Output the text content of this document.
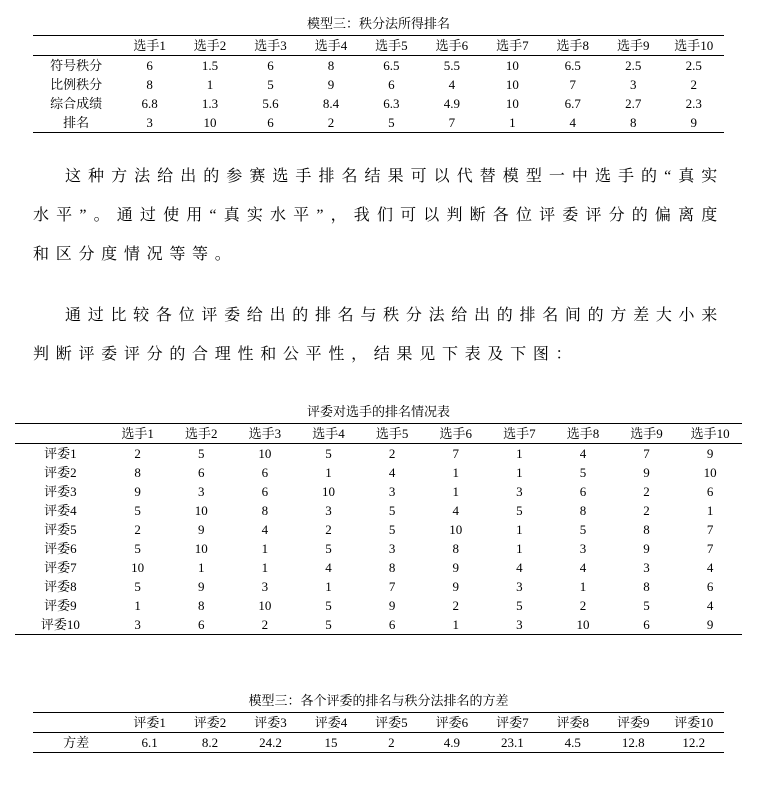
模型三：秩分法所得排名
	选手1	选手2	选手3	选手4	选手5	选手6	选手7	选手8	选手9	选手10
符号秩分	6	1.5	6	8	6.5	5.5	10	6.5	2.5	2.5
比例秩分	8	1	5	9	6	4	10	7	3	2
综合成绩	6.8	1.3	5.6	8.4	6.3	4.9	10	6.7	2.7	2.3
排名	3	10	6	2	5	7	1	4	8	9

这种方法给出的参赛选手排名结果可以代替模型一中选手的“真实水平”。通过使用“真实水平”，我们可以判断各位评委评分的偏离度和区分度情况等等。

通过比较各位评委给出的排名与秩分法给出的排名间的方差大小来判断评委评分的合理性和公平性，结果见下表及下图：

评委对选手的排名情况表
	选手1	选手2	选手3	选手4	选手5	选手6	选手7	选手8	选手9	选手10
评委1	2	5	10	5	2	7	1	4	7	9
评委2	8	6	6	1	4	1	1	5	9	10
评委3	9	3	6	10	3	1	3	6	2	6
评委4	5	10	8	3	5	4	5	8	2	1
评委5	2	9	4	2	5	10	1	5	8	7
评委6	5	10	1	5	3	8	1	3	9	7
评委7	10	1	1	4	8	9	4	4	3	4
评委8	5	9	3	1	7	9	3	1	8	6
评委9	1	8	10	5	9	2	5	2	5	4
评委10	3	6	2	5	6	1	3	10	6	9
模型三：各个评委的排名与秩分法排名的方差
	评委1	评委2	评委3	评委4	评委5	评委6	评委7	评委8	评委9	评委10
方差	6.1	8.2	24.2	15	2	4.9	23.1	4.5	12.8	12.2
